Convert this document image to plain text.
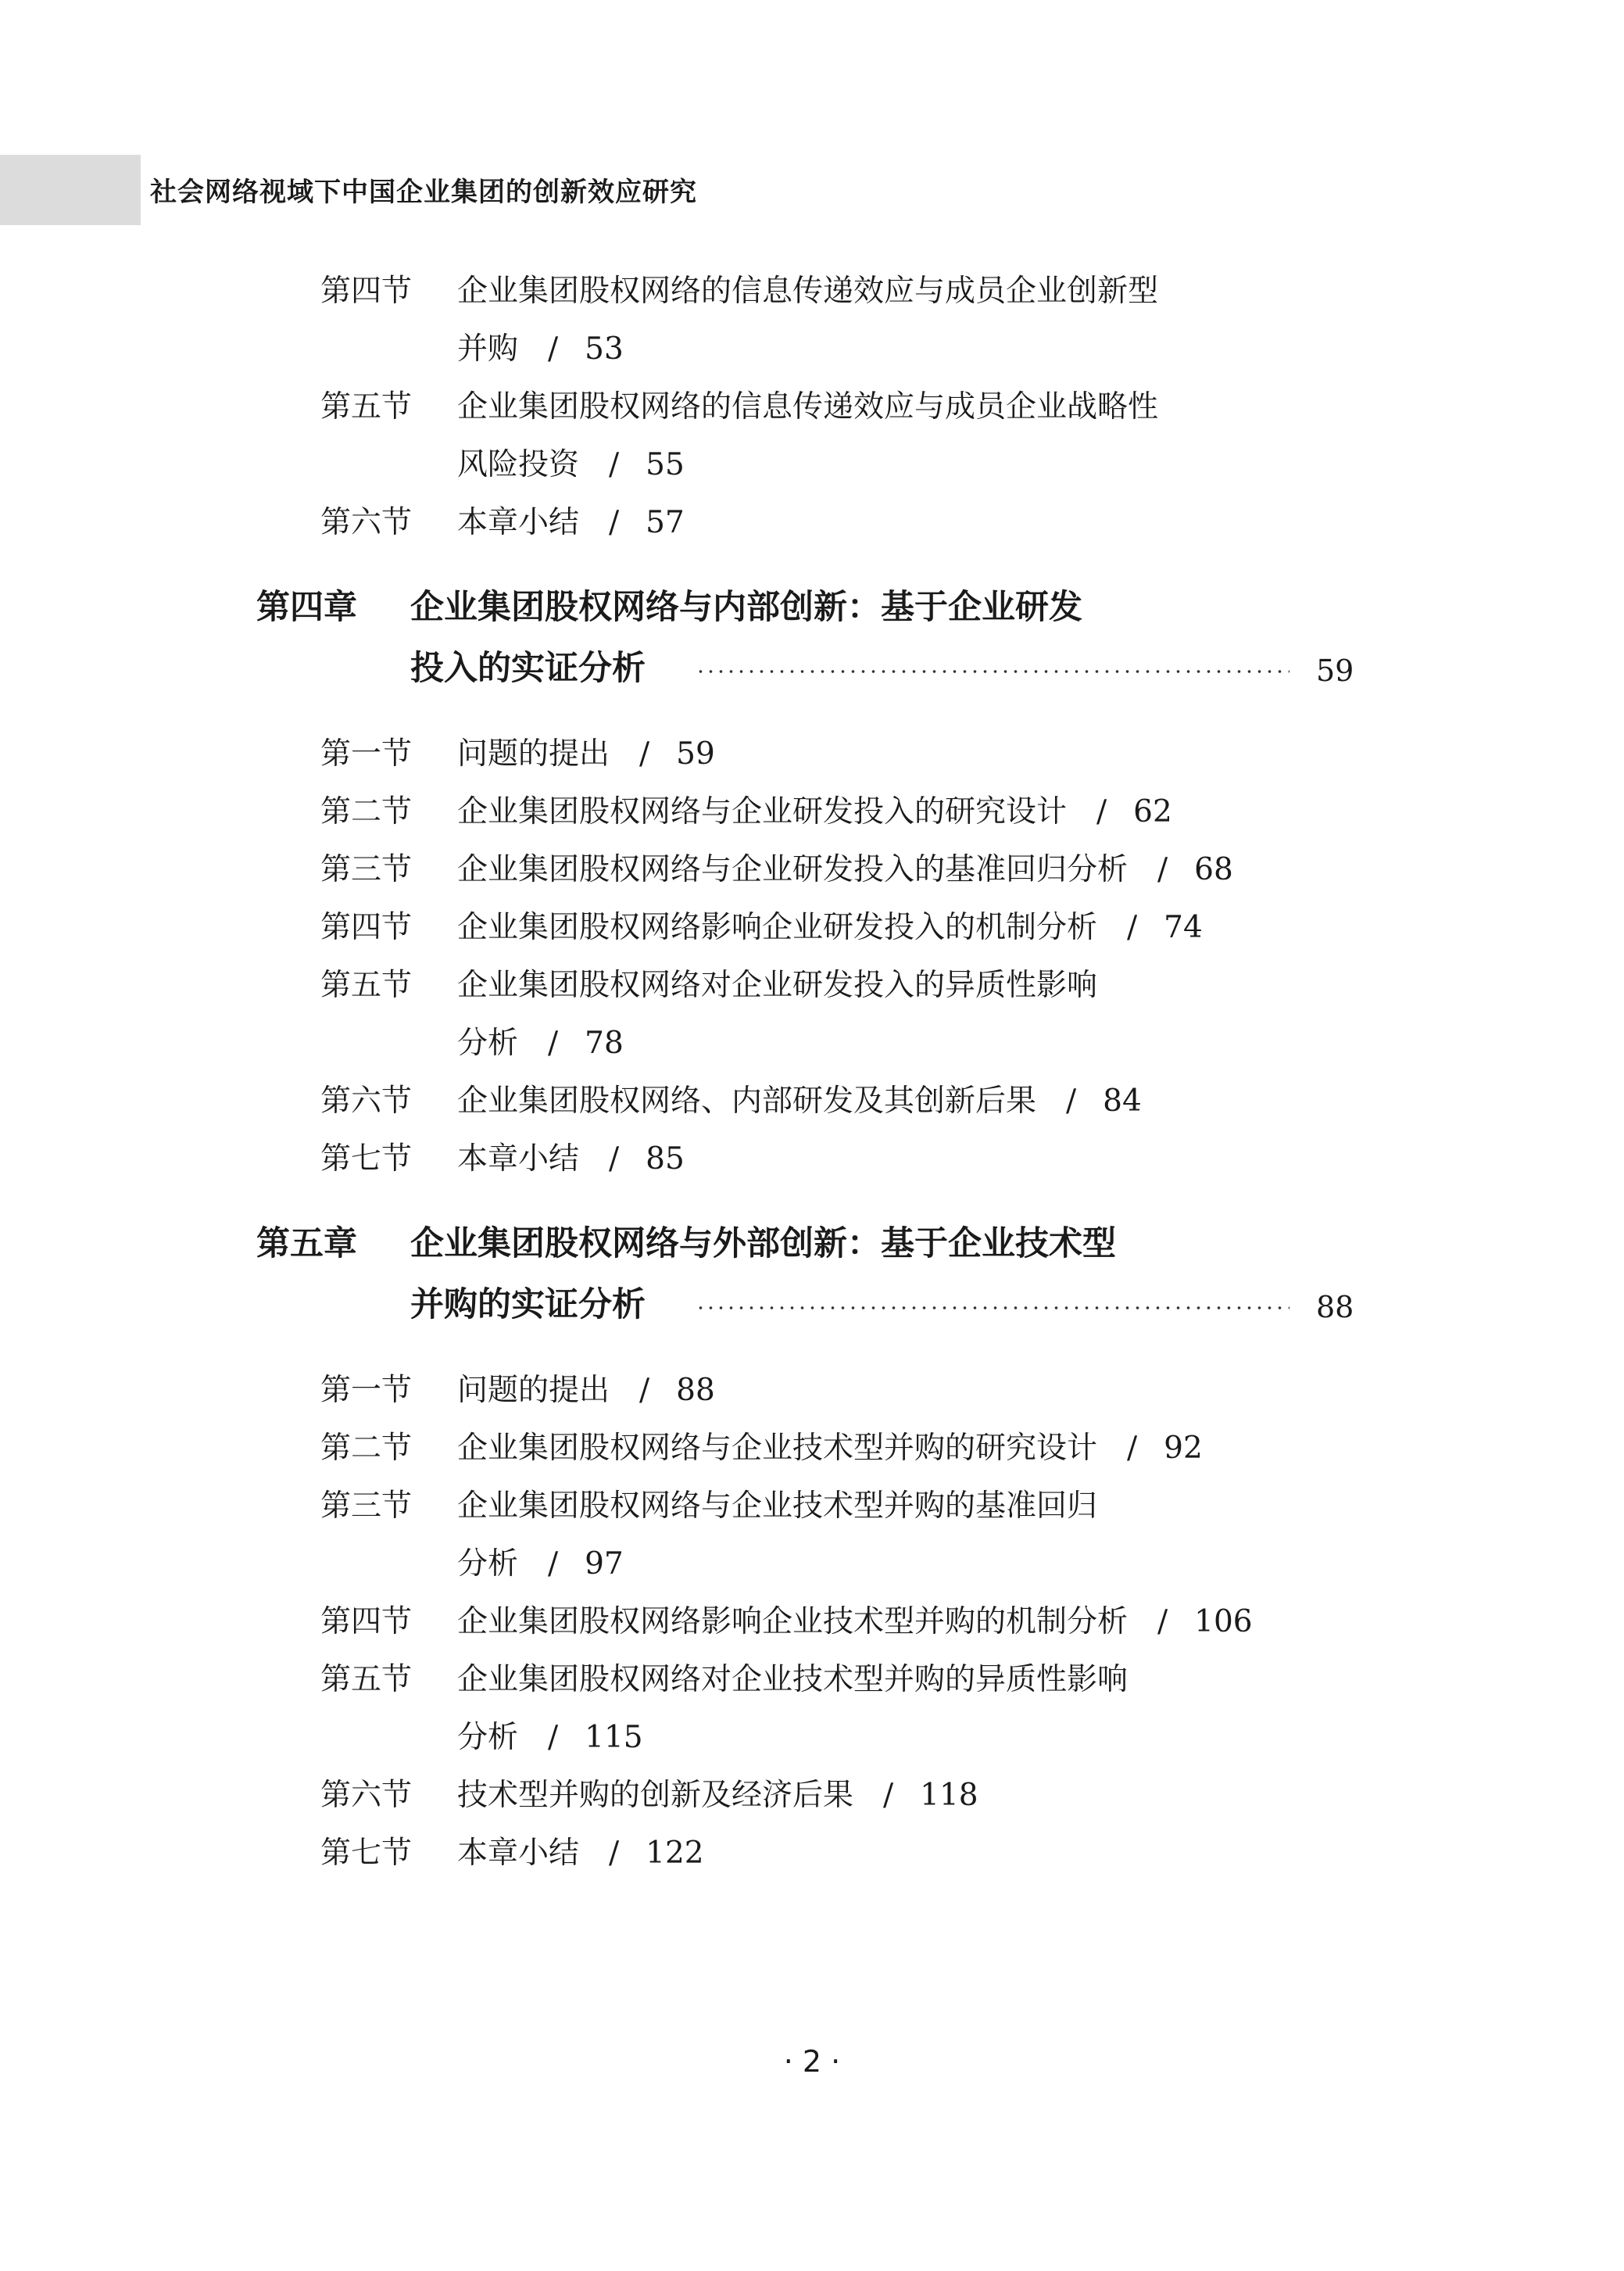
社会网络视域下中国企业集团的创新效应研究
第四节 企业集团股权网络的信息传递效应与成员企业创新型
并购 / 53
第五节 企业集团股权网络的信息传递效应与成员企业战略性
风险投资 / 55
第六节 本章小结 / 57
第四章 企业集团股权网络与内部创新：基于企业研发
投入的实证分析	59
第一节 问题的提出 / 59
第二节 企业集团股权网络与企业研发投入的研究设计 / 62
第三节 企业集团股权网络与企业研发投入的基准回归分析 / 68
第四节 企业集团股权网络影响企业研发投入的机制分析 / 74
第五节 企业集团股权网络对企业研发投入的异质性影响
分析 / 78
第六节 企业集团股权网络、内部研发及其创新后果 / 84
第七节 本章小结 / 85
第五章 企业集团股权网络与外部创新：基于企业技术型
并购的实证分析	88
第一节 问题的提出 / 88
第二节 企业集团股权网络与企业技术型并购的研究设计 / 92
第三节 企业集团股权网络与企业技术型并购的基准回归
分析 / 97
第四节 企业集团股权网络影响企业技术型并购的机制分析 / 106
第五节 企业集团股权网络对企业技术型并购的异质性影响
分析 / 115
第六节 技术型并购的创新及经济后果 / 118
第七节 本章小结 / 122
· 2 ·
